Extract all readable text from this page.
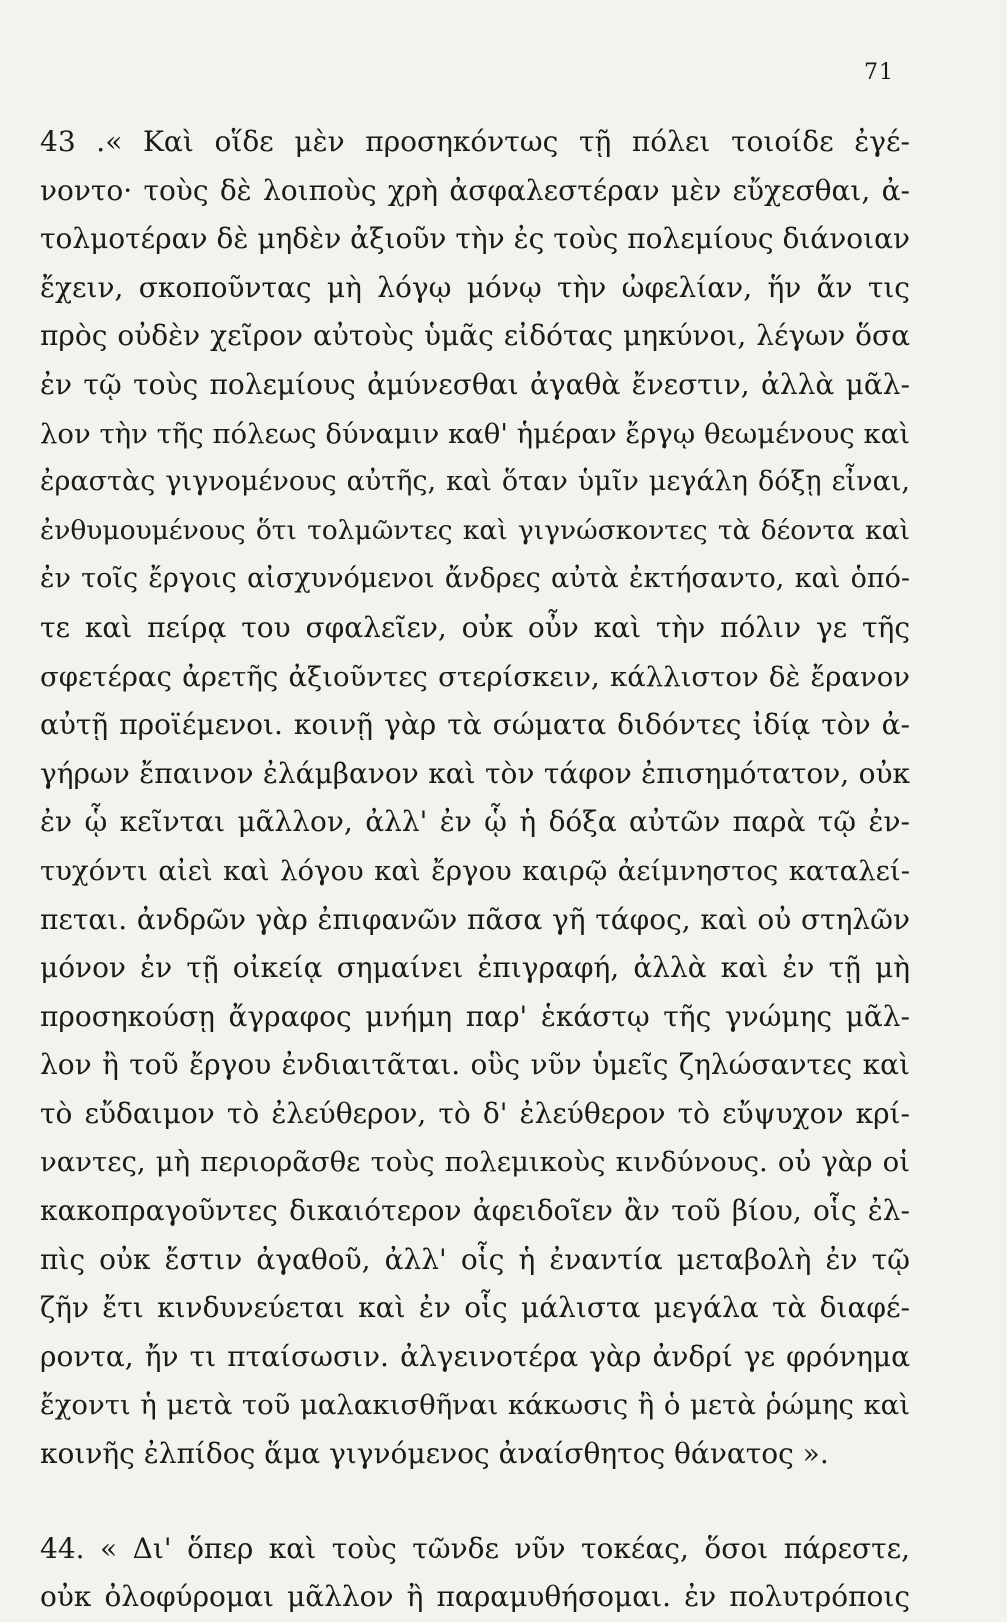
71
43 .« Καὶ οἵδε μὲν προσηκόντως τῇ πόλει τοιοίδε ἐγέ-
νοντο· τοὺς δὲ λοιποὺς χρὴ ἀσφαλεστέραν μὲν εὔχεσθαι, ἀ-
τολμοτέραν δὲ μηδὲν ἀξιοῦν τὴν ἐς τοὺς πολεμίους διάνοιαν
ἔχειν, σκοποῦντας μὴ λόγῳ μόνῳ τὴν ὠφελίαν, ἥν ἄν τις
πρὸς οὐδὲν χεῖρον αὐτοὺς ὑμᾶς εἰδότας μηκύνοι, λέγων ὅσα
ἐν τῷ τοὺς πολεμίους ἀμύνεσθαι ἀγαθὰ ἔνεστιν, ἀλλὰ μᾶλ-
λον τὴν τῆς πόλεως δύναμιν καθ' ἡμέραν ἔργῳ θεωμένους καὶ
ἐραστὰς γιγνομένους αὐτῆς, καὶ ὅταν ὑμῖν μεγάλη δόξῃ εἶναι,
ἐνθυμουμένους ὅτι τολμῶντες καὶ γιγνώσκοντες τὰ δέοντα καὶ
ἐν τοῖς ἔργοις αἰσχυνόμενοι ἄνδρες αὐτὰ ἐκτήσαντο, καὶ ὁπό-
τε καὶ πείρᾳ του σφαλεῖεν, οὐκ οὖν καὶ τὴν πόλιν γε τῆς
σφετέρας ἀρετῆς ἀξιοῦντες στερίσκειν, κάλλιστον δὲ ἔρανον
αὐτῇ προϊέμενοι. κοινῇ γὰρ τὰ σώματα διδόντες ἰδίᾳ τὸν ἀ-
γήρων ἔπαινον ἐλάμβανον καὶ τὸν τάφον ἐπισημότατον, οὐκ
ἐν ᾧ κεῖνται μᾶλλον, ἀλλ' ἐν ᾧ ἡ δόξα αὐτῶν παρὰ τῷ ἐν-
τυχόντι αἰεὶ καὶ λόγου καὶ ἔργου καιρῷ ἀείμνηστος καταλεί-
πεται. ἀνδρῶν γὰρ ἐπιφανῶν πᾶσα γῆ τάφος, καὶ οὐ στηλῶν
μόνον ἐν τῇ οἰκείᾳ σημαίνει ἐπιγραφή, ἀλλὰ καὶ ἐν τῇ μὴ
προσηκούσῃ ἄγραφος μνήμη παρ' ἑκάστῳ τῆς γνώμης μᾶλ-
λον ἢ τοῦ ἔργου ἐνδιαιτᾶται. οὓς νῦν ὑμεῖς ζηλώσαντες καὶ
τὸ εὔδαιμον τὸ ἐλεύθερον, τὸ δ' ἐλεύθερον τὸ εὔψυχον κρί-
ναντες, μὴ περιορᾶσθε τοὺς πολεμικοὺς κινδύνους. οὐ γὰρ οἱ
κακοπραγοῦντες δικαιότερον ἀφειδοῖεν ἂν τοῦ βίου, οἷς ἐλ-
πὶς οὐκ ἔστιν ἀγαθοῦ, ἀλλ' οἷς ἡ ἐναντία μεταβολὴ ἐν τῷ
ζῆν ἔτι κινδυνεύεται καὶ ἐν οἷς μάλιστα μεγάλα τὰ διαφέ-
ροντα, ἤν τι πταίσωσιν. ἀλγεινοτέρα γὰρ ἀνδρί γε φρόνημα
ἔχοντι ἡ μετὰ τοῦ μαλακισθῆναι κάκωσις ἢ ὁ μετὰ ῥώμης καὶ
κοινῆς ἐλπίδος ἅμα γιγνόμενος ἀναίσθητος θάνατος ».
44. « Δι' ὅπερ καὶ τοὺς τῶνδε νῦν τοκέας, ὅσοι πάρεστε,
οὐκ ὀλοφύρομαι μᾶλλον ἢ παραμυθήσομαι. ἐν πολυτρόποις
